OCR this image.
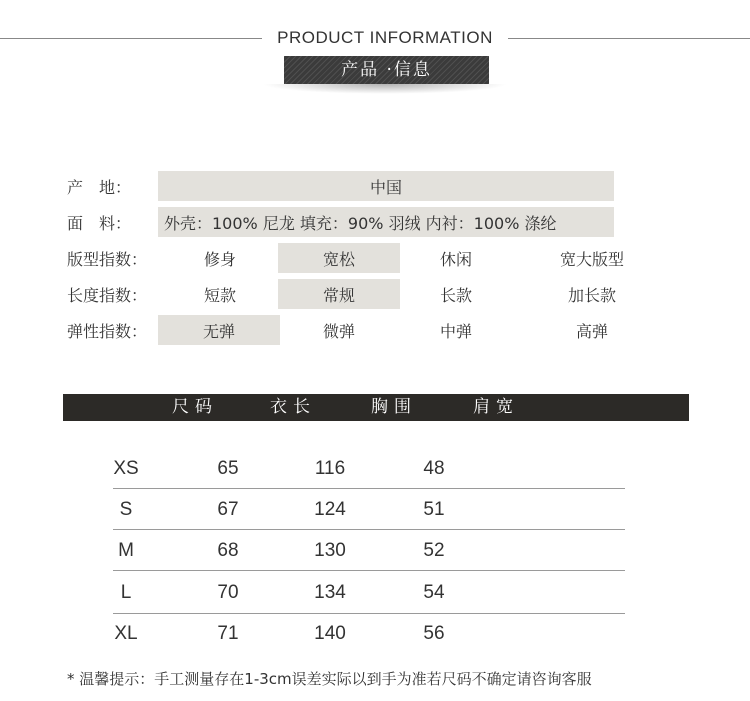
PRODUCT INFORMATION
产品 ·信息
产　地：	中国
面　料：	外壳：100% 尼龙 填充：90% 羽绒 内衬：100% 涤纶
版型指数：	修身	宽松	休闲	宽大版型
长度指数：	短款	常规	长款	加长款
弹性指数：	无弹	微弹	中弹	高弹
尺码	衣长	胸围	肩宽
XS	65	116	48
S	67	124	51
M	68	130	52
L	70	134	54
XL	71	140	56
* 温馨提示：手工测量存在1-3cm误差实际以到手为准若尺码不确定请咨询客服
